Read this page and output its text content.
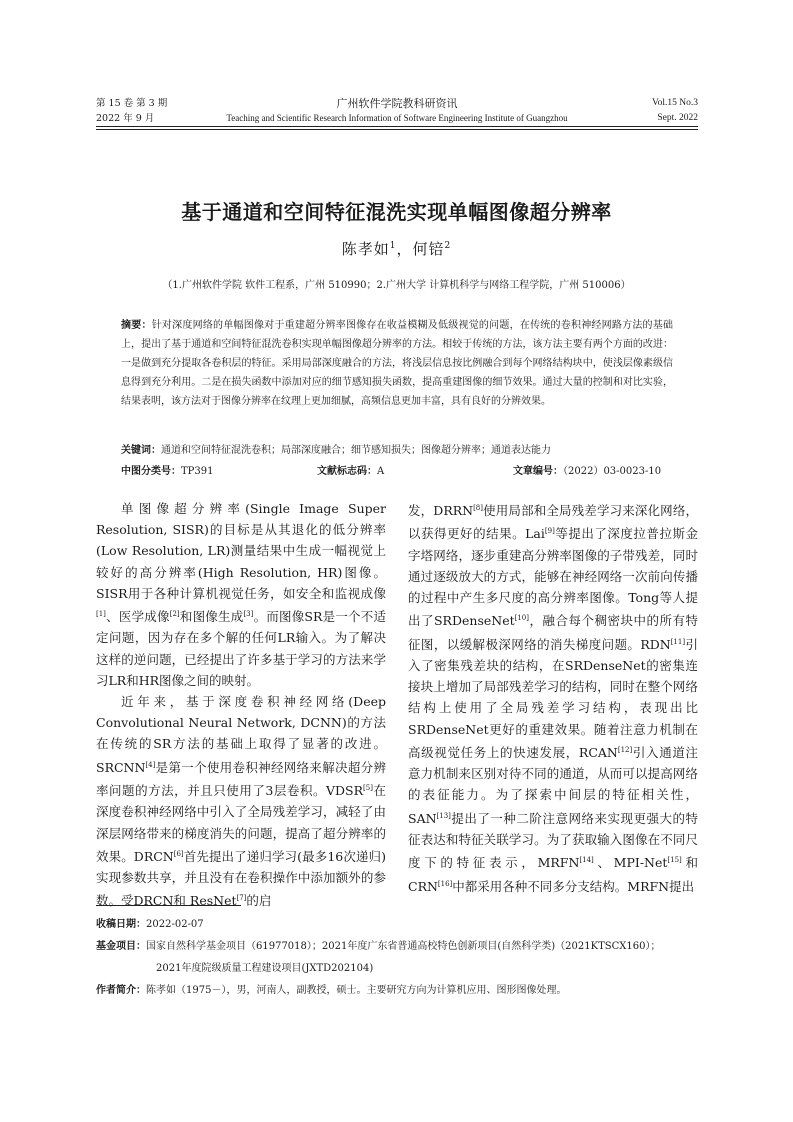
第 15 卷 第 3 期
2022 年 9 月
广州软件学院教科研资讯
Teaching and Scientific Research Information of Software Engineering Institute of Guangzhou
Vol.15 No.3
Sept. 2022
基于通道和空间特征混洗实现单幅图像超分辨率
陈孝如$^1$，何锫$^2$
（1.广州软件学院 软件工程系，广州 510990；2.广州大学 计算机科学与网络工程学院，广州 510006）
摘要：针对深度网络的单幅图像对于重建超分辨率图像存在收益模糊及低级视觉的问题，在传统的卷积神经网路方法的基础上，提出了基于通道和空间特征混洗卷积实现单幅图像超分辨率的方法。相较于传统的方法，该方法主要有两个方面的改进：一是做到充分提取各卷积层的特征。采用局部深度融合的方法，将浅层信息按比例融合到每个网络结构块中，使浅层像素级信息得到充分利用。二是在损失函数中添加对应的细节感知损失函数，提高重建图像的细节效果。通过大量的控制和对比实验，结果表明，该方法对于图像分辨率在纹理上更加细腻，高频信息更加丰富，具有良好的分辨效果。
关键词：通道和空间特征混洗卷积；局部深度融合；细节感知损失；图像超分辨率；通道表达能力
中图分类号：TP391	文献标志码：A	文章编号：（2022）03-0023-10

单图像超分辨率(Single Image Super Resolution, SISR)的目标是从其退化的低分辨率(Low Resolution, LR)测量结果中生成一幅视觉上较好的高分辨率(High Resolution, HR)图像。SISR用于各种计算机视觉任务，如安全和监视成像[1]、医学成像[2]和图像生成[3]。而图像SR是一个不适定问题，因为存在多个解的任何LR输入。为了解决这样的逆问题，已经提出了许多基于学习的方法来学习LR和HR图像之间的映射。

近年来，基于深度卷积神经网络(Deep Convolutional Neural Network, DCNN)的方法在传统的SR方法的基础上取得了显著的改进。SRCNN[4]是第一个使用卷积神经网络来解决超分辨率问题的方法，并且只使用了3层卷积。VDSR[5]在深度卷积神经网络中引入了全局残差学习，减轻了由深层网络带来的梯度消失的问题，提高了超分辨率的效果。DRCN[6]首先提出了递归学习(最多16次递归)实现参数共享，并且没有在卷积操作中添加额外的参数。受DRCN和 ResNet[7]的启

发，DRRN[8]使用局部和全局残差学习来深化网络，以获得更好的结果。Lai[9]等提出了深度拉普拉斯金字塔网络，逐步重建高分辨率图像的子带残差，同时通过逐级放大的方式，能够在神经网络一次前向传播的过程中产生多尺度的高分辨率图像。Tong等人提出了SRDenseNet[10]，融合每个稠密块中的所有特征图，以缓解极深网络的消失梯度问题。RDN[11]引入了密集残差块的结构，在SRDenseNet的密集连接块上增加了局部残差学习的结构，同时在整个网络结构上使用了全局残差学习结构，表现出比SRDenseNet更好的重建效果。随着注意力机制在高级视觉任务上的快速发展，RCAN[12]引入通道注意力机制来区别对待不同的通道，从而可以提高网络的表征能力。为了探索中间层的特征相关性，SAN[13]提出了一种二阶注意网络来实现更强大的特征表达和特征关联学习。为了获取输入图像在不同尺度下的特征表示，MRFN[14]、MPI-Net[15]和CRN[16]中都采用各种不同多分支结构。MRFN提出

收稿日期：2022-02-07
基金项目：国家自然科学基金项目（61977018）；2021年度广东省普通高校特色创新项目(自然科学类)（2021KTSCX160）；
2021年度院级质量工程建设项目(JXTD202104)
作者简介：陈孝如（1975－），男，河南人，副教授，硕士。主要研究方向为计算机应用、图形图像处理。
